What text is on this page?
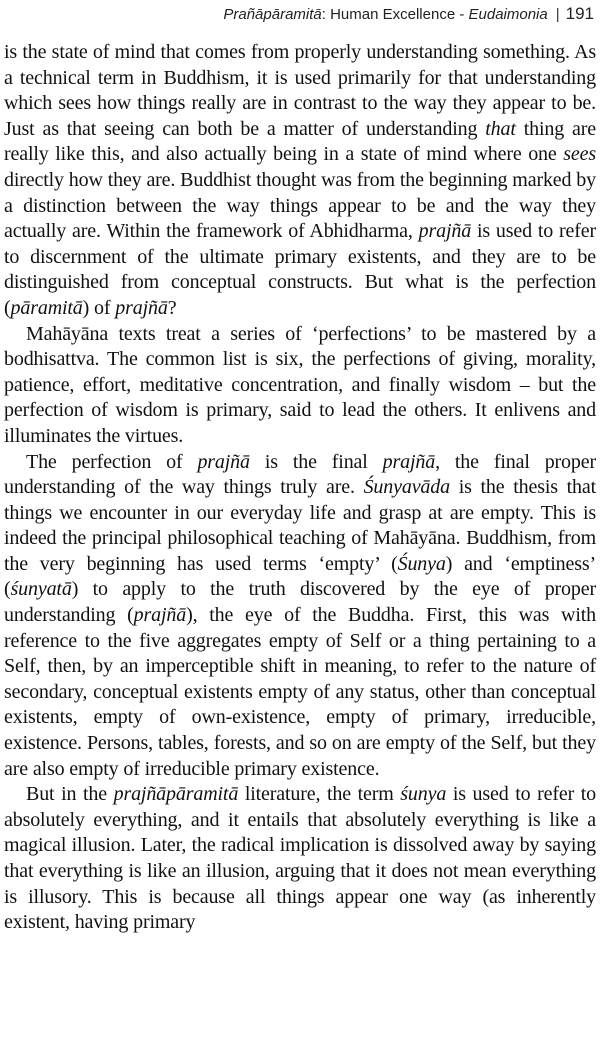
Prañāpāramitā: Human Excellence - Eudaimonia | 191

is the state of mind that comes from properly understanding something. As a technical term in Buddhism, it is used primarily for that understanding which sees how things really are in contrast to the way they appear to be. Just as that seeing can both be a matter of understanding that thing are really like this, and also actually being in a state of mind where one sees directly how they are. Buddhist thought was from the beginning marked by a distinction between the way things appear to be and the way they actually are. Within the framework of Abhidharma, prajñā is used to refer to discernment of the ultimate primary existents, and they are to be distinguished from conceptual constructs. But what is the perfection (pāramitā) of prajñā?

Mahāyāna texts treat a series of ‘perfections’ to be mastered by a bodhisattva. The common list is six, the perfections of giving, morality, patience, effort, meditative concentration, and finally wisdom – but the perfection of wisdom is primary, said to lead the others. It enlivens and illuminates the virtues.

The perfection of prajñā is the final prajñā, the final proper understanding of the way things truly are. Śunyavāda is the thesis that things we encounter in our everyday life and grasp at are empty. This is indeed the principal philosophical teaching of Mahāyāna. Buddhism, from the very beginning has used terms ‘empty’ (Śunya) and ‘emptiness’ (śunyatā) to apply to the truth discovered by the eye of proper understanding (prajñā), the eye of the Buddha. First, this was with reference to the five aggregates empty of Self or a thing pertaining to a Self, then, by an imperceptible shift in meaning, to refer to the nature of secondary, conceptual existents empty of any status, other than conceptual existents, empty of own-existence, empty of primary, irreducible, existence. Persons, tables, forests, and so on are empty of the Self, but they are also empty of irreducible primary existence.

But in the prajñāpāramitā literature, the term śunya is used to refer to absolutely everything, and it entails that absolutely everything is like a magical illusion. Later, the radical implication is dissolved away by saying that everything is like an illusion, arguing that it does not mean everything is illusory. This is because all things appear one way (as inherently existent, having primary
